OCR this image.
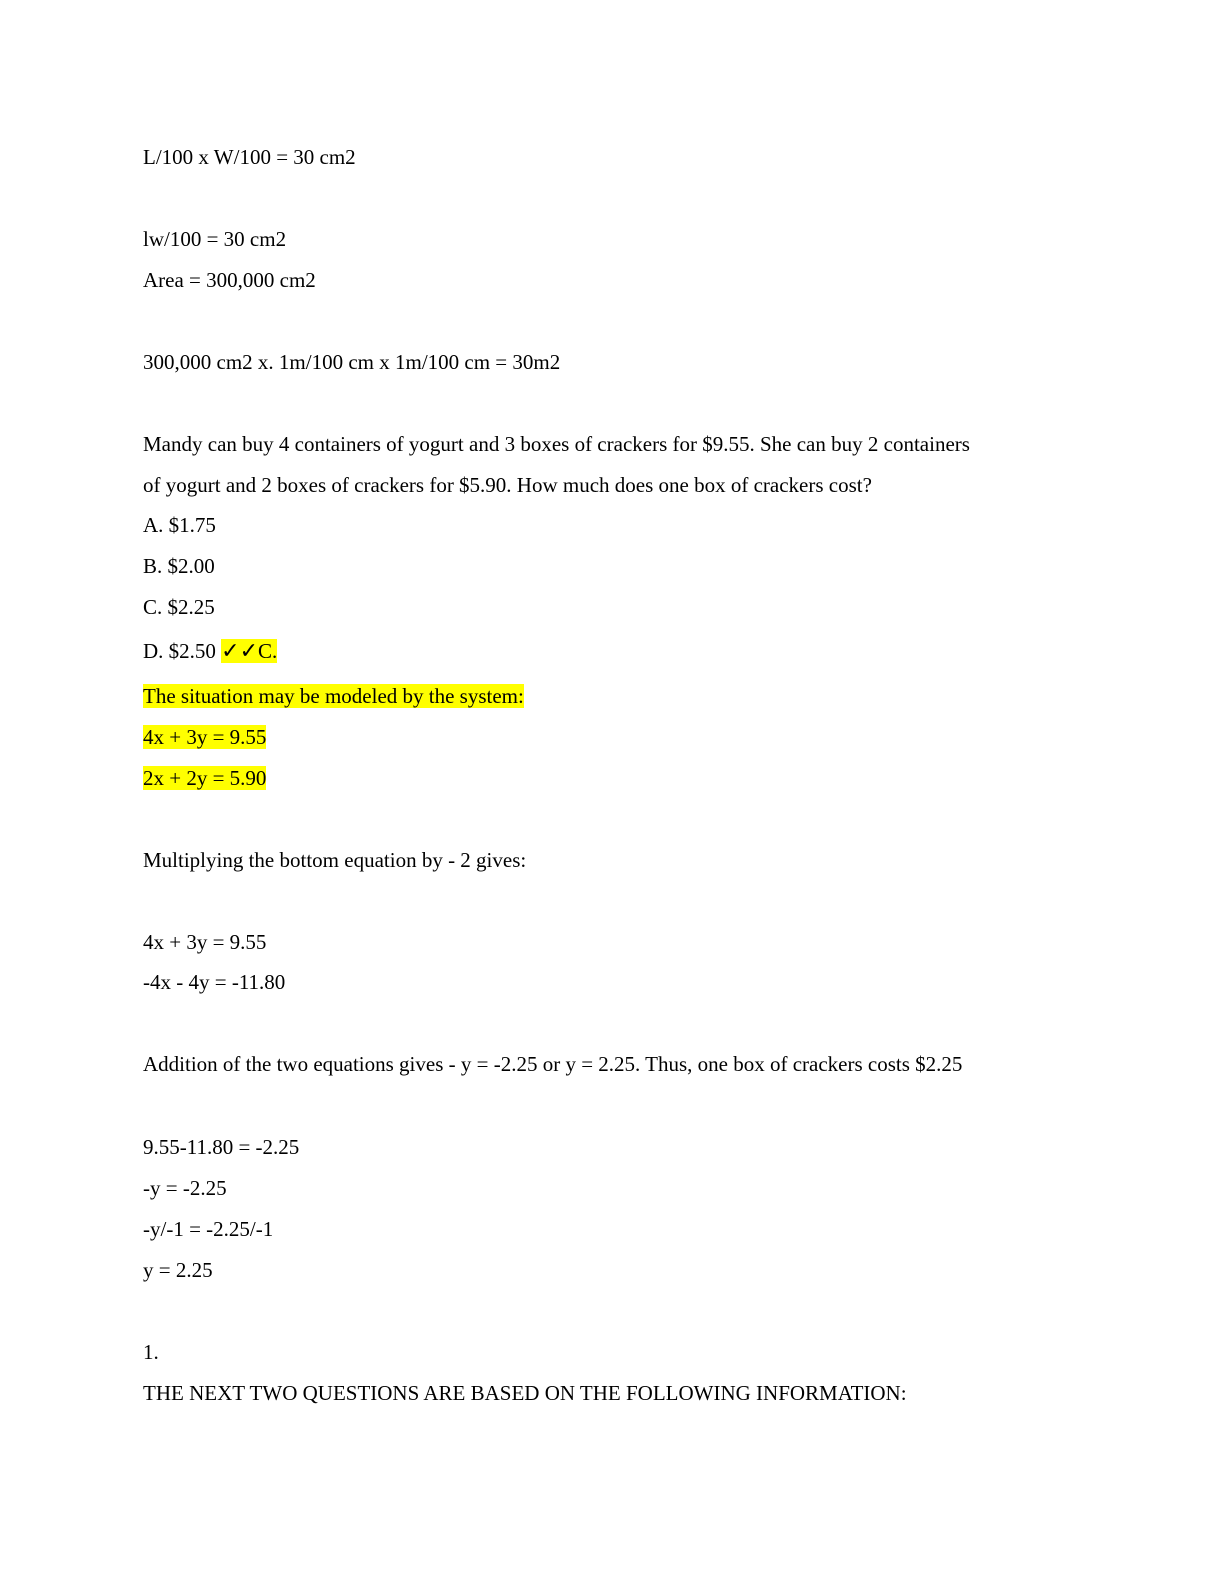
L/100 x W/100 = 30 cm2
lw/100 = 30 cm2
Area = 300,000 cm2
300,000 cm2 x. 1m/100 cm x 1m/100 cm = 30m2
Mandy can buy 4 containers of yogurt and 3 boxes of crackers for $9.55. She can buy 2 containers
of yogurt and 2 boxes of crackers for $5.90. How much does one box of crackers cost?
A. $1.75
B. $2.00
C. $2.25
D. $2.50 ✓✓C.
The situation may be modeled by the system:
4x + 3y = 9.55
2x + 2y = 5.90
Multiplying the bottom equation by - 2 gives:
4x + 3y = 9.55
-4x - 4y = -11.80
Addition of the two equations gives - y = -2.25 or y = 2.25. Thus, one box of crackers costs $2.25
9.55-11.80 = -2.25
-y = -2.25
-y/-1 = -2.25/-1
y = 2.25
1.
THE NEXT TWO QUESTIONS ARE BASED ON THE FOLLOWING INFORMATION:
